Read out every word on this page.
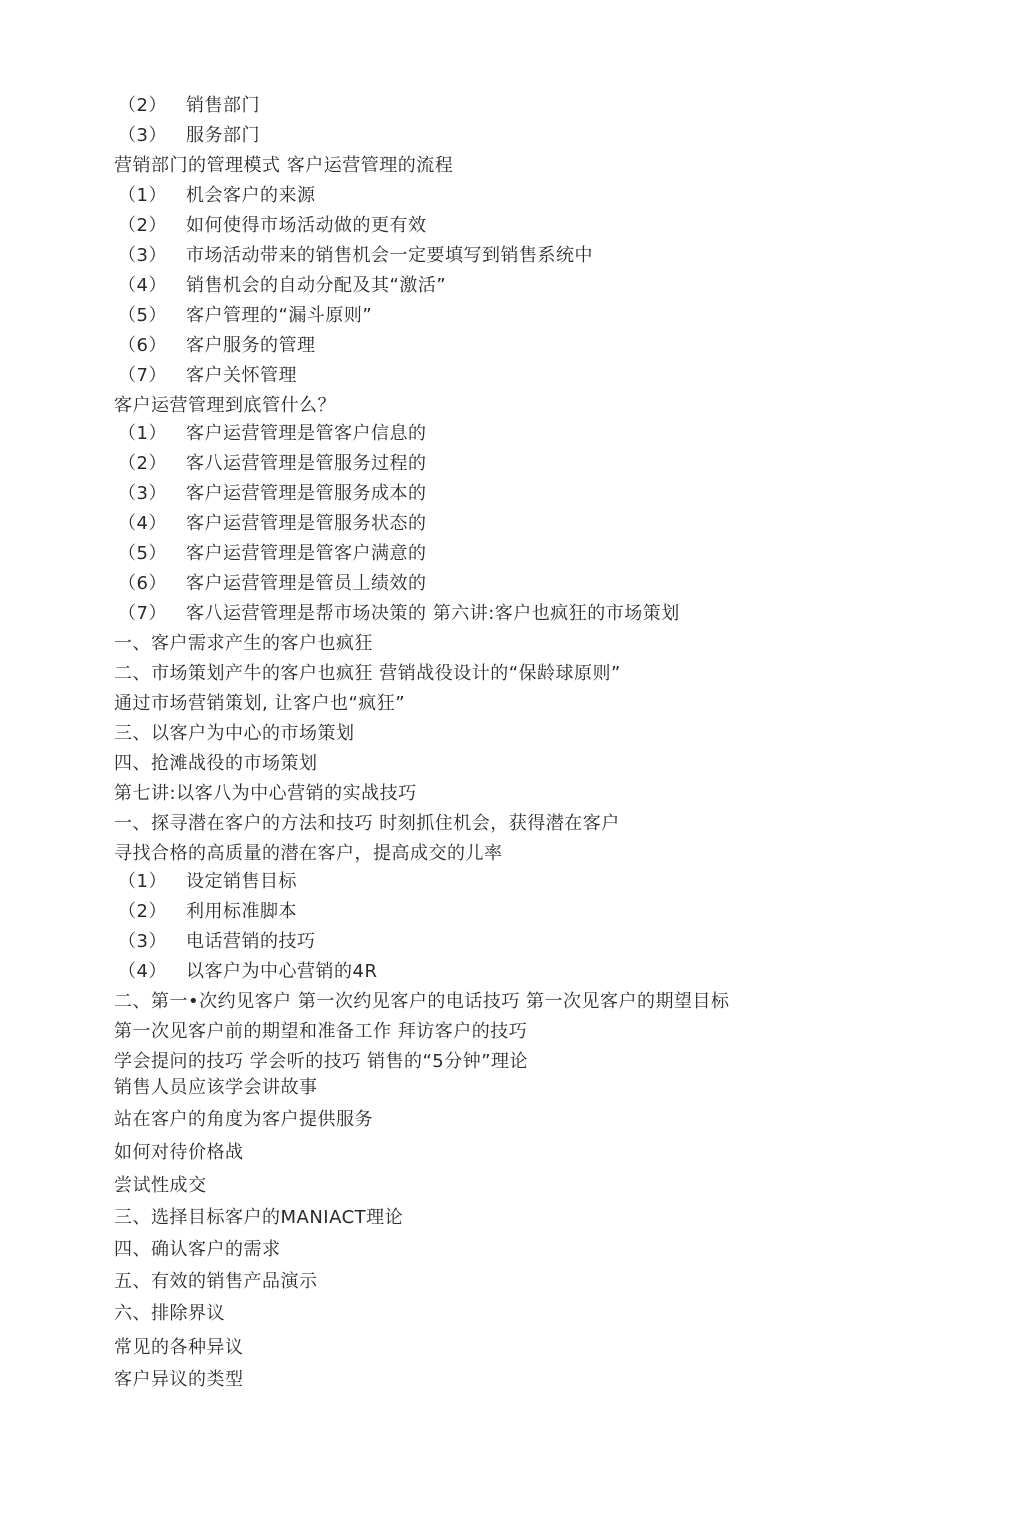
（2） 销售部门
（3） 服务部门
营销部门的管理模式 客户运营管理的流程
（1） 机会客户的来源
（2） 如何使得市场活动做的更有效
（3） 市场活动带来的销售机会一定要填写到销售系统中
（4） 销售机会的自动分配及其“激活”
（5） 客户管理的“漏斗原则”
（6） 客户服务的管理
（7） 客户关怀管理
客户运营管理到底管什么？
（1） 客户运营管理是管客户信息的
（2） 客八运营管理是管服务过程的
（3） 客户运营管理是管服务成本的
（4） 客户运营管理是管服务状态的
（5） 客户运营管理是管客户满意的
（6） 客户运营管理是管员丄绩效的
（7） 客八运营管理是帮市场决策的 第六讲:客户也疯狂的市场策划
一、客户需求产生的客户也疯狂
二、市场策划产牛的客户也疯狂 营销战役设计的“保龄球原则”
通过市场营销策划, 让客户也“疯狂”
三、以客户为中心的市场策划
四、抢滩战役的市场策划
第七讲:以客八为中心营销的实战技巧
一、探寻潜在客户的方法和技巧 时刻抓住机会，获得潜在客户
寻找合格的高质量的潜在客户，提高成交的儿率
（1） 设定销售目标
（2） 利用标准脚本
（3） 电话营销的技巧
（4） 以客户为中心营销的4R
二、第一•次约见客户 第一次约见客户的电话技巧 第一次见客户的期望目标
第一次见客户前的期望和准备工作 拜访客户的技巧
学会提问的技巧 学会听的技巧 销售的“5分钟”理论
销售人员应该学会讲故事
站在客户的角度为客户提供服务
如何对待价格战
尝试性成交
三、选择目标客户的MANIACT理论
四、确认客户的需求
五、有效的销售产品演示
六、排除界议
常见的各种异议
客户异议的类型
